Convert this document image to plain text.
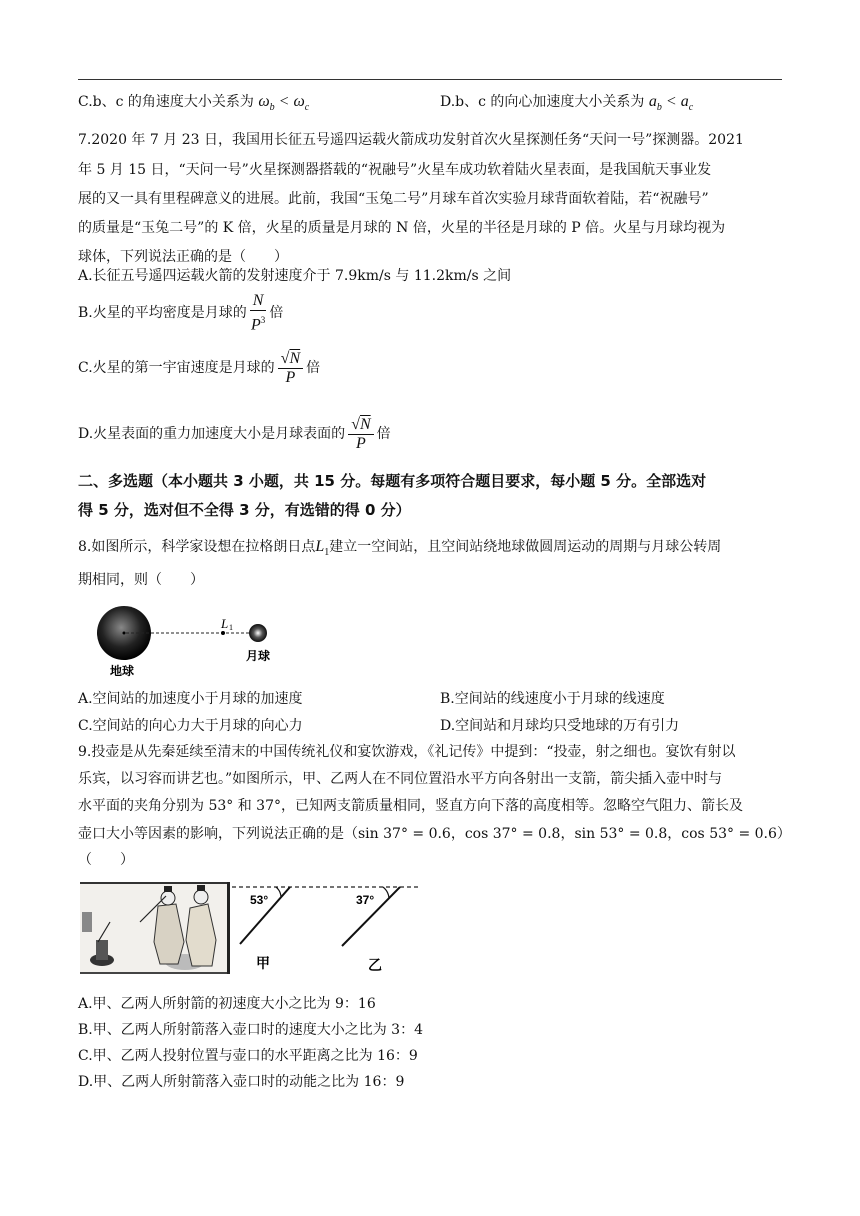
C.b、c 的角速度大小关系为 $\omega_b < \omega_c$	D.b、c 的向心加速度大小关系为 $a_b < a_c$
7.2020 年 7 月 23 日，我国用长征五号遥四运载火箭成功发射首次火星探测任务“天问一号”探测器。2021
年 5 月 15 日，“天问一号”火星探测器搭载的“祝融号”火星车成功软着陆火星表面，是我国航天事业发
展的又一具有里程碑意义的进展。此前，我国“玉兔二号”月球车首次实验月球背面软着陆，若“祝融号”
的质量是“玉兔二号”的 K 倍，火星的质量是月球的 N 倍，火星的半径是月球的 P 倍。火星与月球均视为
球体，下列说法正确的是（　　）
A.长征五号遥四运载火箭的发射速度介于 7.9km/s 与 11.2km/s 之间
B.火星的平均密度是月球的 $\frac{N}{P^3}$ 倍
C.火星的第一宇宙速度是月球的 $\frac{√N}{P}$ 倍
D.火星表面的重力加速度大小是月球表面的 $\frac{√N}{P}$ 倍
二、多选题（本小题共 3 小题，共 15 分。每题有多项符合题目要求，每小题 5 分。全部选对
得 5 分，选对但不全得 3 分，有选错的得 0 分）
8.如图所示，科学家设想在拉格朗日点$L_1$建立一空间站，且空间站绕地球做圆周运动的周期与月球公转周
期相同，则（　　）
L 1
地球
月球
A.空间站的加速度小于月球的加速度	B.空间站的线速度小于月球的线速度
C.空间站的向心力大于月球的向心力	D.空间站和月球均只受地球的万有引力
9.投壶是从先秦延续至清末的中国传统礼仪和宴饮游戏，《礼记传》中提到：“投壶，射之细也。宴饮有射以
乐宾，以习容而讲艺也。”如图所示，甲、乙两人在不同位置沿水平方向各射出一支箭，箭尖插入壶中时与
水平面的夹角分别为 53° 和 37°，已知两支箭质量相同，竖直方向下落的高度相等。忽略空气阻力、箭长及
壶口大小等因素的影响，下列说法正确的是（sin 37° = 0.6，cos 37° = 0.8，sin 53° = 0.8，cos 53° = 0.6）
（　　）
53°	37°
甲	乙
A.甲、乙两人所射箭的初速度大小之比为 9：16
B.甲、乙两人所射箭落入壶口时的速度大小之比为 3：4
C.甲、乙两人投射位置与壶口的水平距离之比为 16：9
D.甲、乙两人所射箭落入壶口时的动能之比为 16：9
